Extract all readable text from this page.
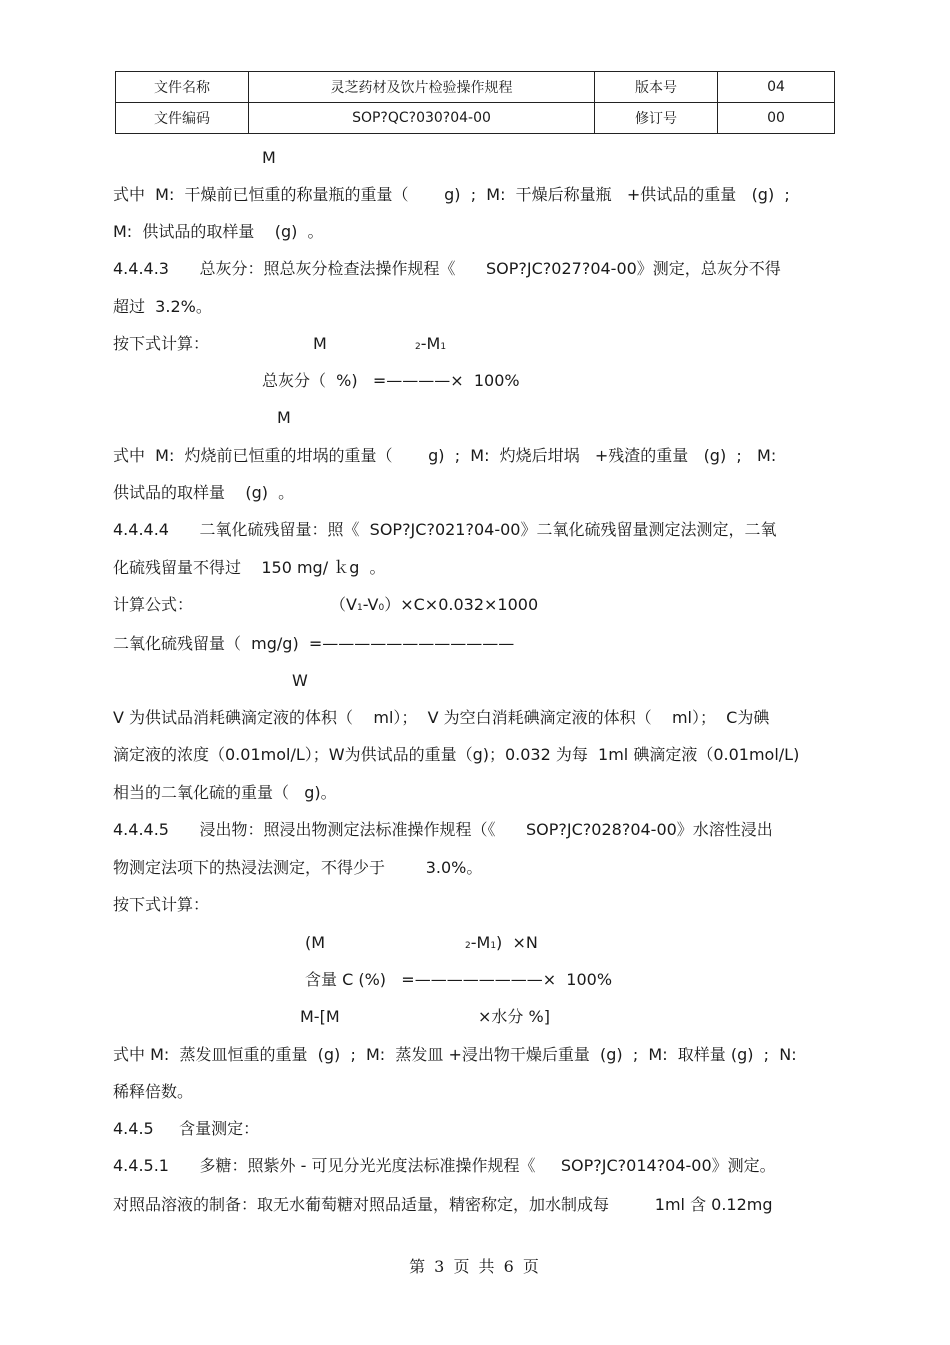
文件名称	灵芝药材及饮片检验操作规程	版本号	04
文件编码	SOP?QC?030?04-00	修订号	00
M
式中  M:  干燥前已恒重的称量瓶的重量（       g)  ;  M:  干燥后称量瓶   +供试品的重量   (g)  ;
M:  供试品的取样量    (g)  。
4.4.4.3      总灰分：照总灰分检查法操作规程《      SOP?JC?027?04-00》测定，总灰分不得
超过  3.2%。
按下式计算：	M	2-M1
总灰分（  %)   =————×  100%
M
式中  M:  灼烧前已恒重的坩埚的重量（       g)  ;  M:  灼烧后坩埚   +残渣的重量   (g)  ;   M:
供试品的取样量    (g)  。
4.4.4.4      二氧化硫残留量：照《  SOP?JC?021?04-00》二氧化硫残留量测定法测定，二氧
化硫残留量不得过    150 mg/ ｋg  。
计算公式：	（V1-V0）×C×0.032×1000
二氧化硫残留量（  mg/g)  =————————————
W
V 为供试品消耗碘滴定液的体积（    ml）；  V 为空白消耗碘滴定液的体积（    ml）；  C为碘
滴定液的浓度（0.01mol/L）；W为供试品的重量（g)；0.032 为每  1ml 碘滴定液（0.01mol/L)
相当的二氧化硫的重量（   g)。
4.4.4.5      浸出物：照浸出物测定法标准操作规程（《      SOP?JC?028?04-00》水溶性浸出
物测定法项下的热浸法测定，不得少于        3.0%。
按下式计算：
(M	2-M1)  ×N
含量 C (%)   =————————×  100%
M-[M	×水分 %]
式中 M:  蒸发皿恒重的重量  (g)  ;  M:  蒸发皿 +浸出物干燥后重量  (g)  ;  M:  取样量 (g)  ;  N:
稀释倍数。
4.4.5     含量测定：
4.4.5.1      多糖：照紫外 - 可见分光光度法标准操作规程《     SOP?JC?014?04-00》测定。
对照品溶液的制备：取无水葡萄糖对照品适量，精密称定，加水制成每         1ml 含 0.12mg
第 3 页 共 6 页
